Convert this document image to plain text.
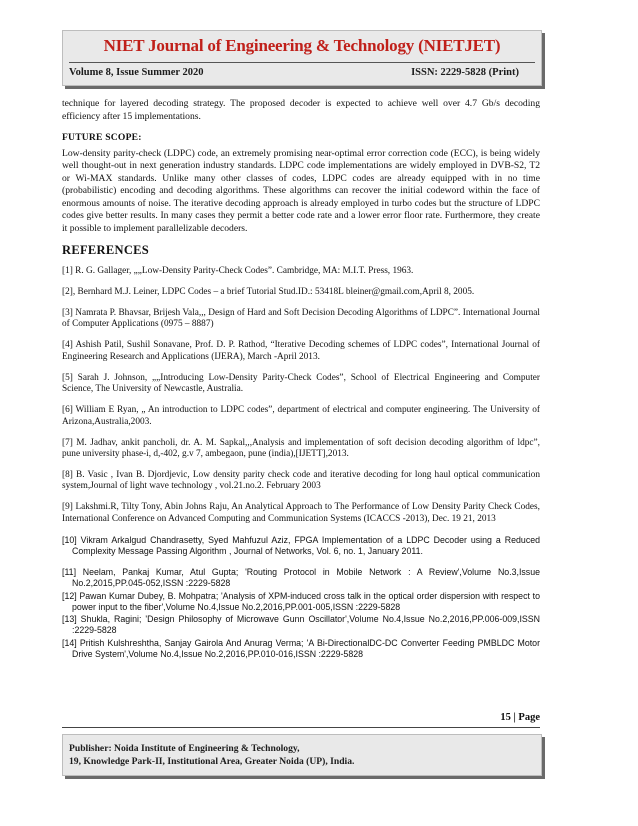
NIET Journal of Engineering & Technology (NIETJET)
Volume 8, Issue Summer 2020	ISSN: 2229-5828 (Print)

technique for layered decoding strategy. The proposed decoder is expected to achieve well over 4.7 Gb/s decoding efficiency after 15 implementations.

FUTURE SCOPE:

Low-density parity-check (LDPC) code, an extremely promising near-optimal error correction code (ECC), is being widely well thought-out in next generation industry standards. LDPC code implementations are widely employed in DVB-S2, T2 or Wi-MAX standards. Unlike many other classes of codes, LDPC codes are already equipped with in no time (probabilistic) encoding and decoding algorithms. These algorithms can recover the initial codeword within the face of enormous amounts of noise. The iterative decoding approach is already employed in turbo codes but the structure of LDPC codes give better results. In many cases they permit a better code rate and a lower error floor rate. Furthermore, they create it possible to implement parallelizable decoders.

REFERENCES

[1] R. G. Gallager, „„Low-Density Parity-Check Codes”. Cambridge, MA: M.I.T. Press, 1963.

[2], Bernhard M.J. Leiner, LDPC Codes – a brief Tutorial Stud.ID.: 53418L bleiner@gmail.com,April 8, 2005.

[3] Namrata P. Bhavsar, Brijesh Vala,,, Design of Hard and Soft Decision Decoding Algorithms of LDPC”. International Journal of Computer Applications (0975 – 8887)

[4] Ashish Patil, Sushil Sonavane, Prof. D. P. Rathod, “Iterative Decoding schemes of LDPC codes”, International Journal of Engineering Research and Applications (IJERA), March -April 2013.

[5] Sarah J. Johnson, „„Introducing Low-Density Parity-Check Codes”, School of Electrical Engineering and Computer Science, The University of Newcastle, Australia.

[6] William E Ryan, „ An introduction to LDPC codes”, department of electrical and computer engineering. The University of Arizona,Australia,2003.

[7] M. Jadhav, ankit pancholi, dr. A. M. Sapkal,,,Analysis and implementation of soft decision decoding algorithm of ldpc”, pune university phase-i, d,-402, g.v 7, ambegaon, pune (india),[IJETT],2013.

[8] B. Vasic , Ivan B. Djordjevic, Low density parity check code and iterative decoding for long haul optical communication system,Journal of light wave technology , vol.21.no.2. February 2003

[9] Lakshmi.R, Tilty Tony, Abin Johns Raju, An Analytical Approach to The Performance of Low Density Parity Check Codes, International Conference on Advanced Computing and Communication Systems (ICACCS -2013), Dec. 19 21, 2013

[10] Vikram Arkalgud Chandrasetty, Syed Mahfuzul Aziz, FPGA Implementation of a LDPC Decoder using a Reduced Complexity Message Passing Algorithm , Journal of Networks, Vol. 6, no. 1, January 2011.

[11] Neelam, Pankaj Kumar, Atul Gupta; 'Routing Protocol in Mobile Network : A Review',Volume No.3,Issue No.2,2015,PP.045-052,ISSN :2229-5828

[12] Pawan Kumar Dubey, B. Mohpatra; 'Analysis of XPM-induced cross talk in the optical order dispersion with respect to power input to the fiber',Volume No.4,Issue No.2,2016,PP.001-005,ISSN :2229-5828

[13] Shukla, Ragini; 'Design Philosophy of Microwave Gunn Oscillator',Volume No.4,Issue No.2,2016,PP.006-009,ISSN :2229-5828

[14] Pritish Kulshreshtha, Sanjay Gairola And Anurag Verma; 'A Bi-DirectionalDC-DC Converter Feeding PMBLDC Motor Drive System',Volume No.4,Issue No.2,2016,PP.010-016,ISSN :2229-5828

15 | Page
Publisher: Noida Institute of Engineering & Technology,
19, Knowledge Park-II, Institutional Area, Greater Noida (UP), India.
